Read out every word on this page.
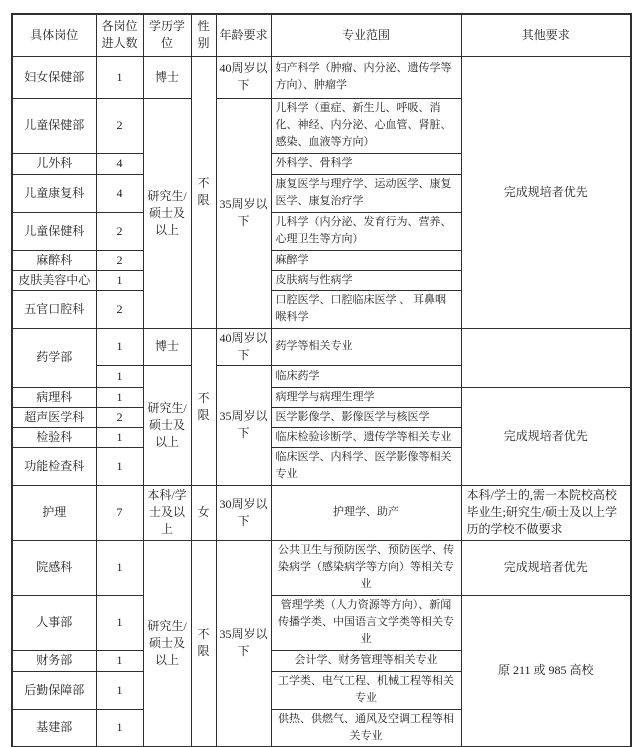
具体岗位	各岗位进人数	学历学位	性别	年龄要求	专业范围	其他要求
妇女保健部	1	博士	不限	40周岁以下	妇产科学（肿瘤、内分泌、遗传学等方向）、肿瘤学	完成规培者优先
儿童保健部	2	研究生/硕士及以上		35周岁以下	儿科学（重症、新生儿、呼吸、消化、神经、内分泌、心血管、肾脏、感染、血液等方向）	
儿外科	4				外科学、骨科学	
儿童康复科	4				康复医学与理疗学、运动医学、康复医学、康复治疗学	
儿童保健科	2				儿科学（内分泌、发育行为、营养、心理卫生等方向）	
麻醉科	2				麻醉学	
皮肤美容中心	1				皮肤病与性病学	
五官口腔科	2				口腔医学、口腔临床医学 、 耳鼻咽喉科学	
药学部	1	博士	不限	40周岁以下	药学等相关专业	
	1	研究生/硕士及以上		35周岁以下	临床药学	
病理科	1				病理学与病理生理学	完成规培者优先
超声医学科	2				医学影像学、影像医学与核医学	
检验科	1				临床检验诊断学、遗传学等相关专业	
功能检查科	1				临床医学、内科学、医学影像等相关专业	
护理	7	本科/学士及以上	女	30周岁以下	护理学、助产	本科/学士的,需一本院校高校毕业生;研究生/硕士及以上学历的学校不做要求
院感科	1	研究生/硕士及以上	不限	35周岁以下	公共卫生与预防医学、预防医学、传染病学（感染病学等方向）等相关专业	完成规培者优先
人事部	1				管理学类（人力资源等方向）、新闻传播学类、中国语言文学类等相关专业	原 211 或 985 高校
财务部	1				会计学、财务管理等相关专业	
后勤保障部	1				工学类、电气工程、机械工程等相关专业	
基建部	1				供热、供燃气、通风及空调工程等相关专业	
